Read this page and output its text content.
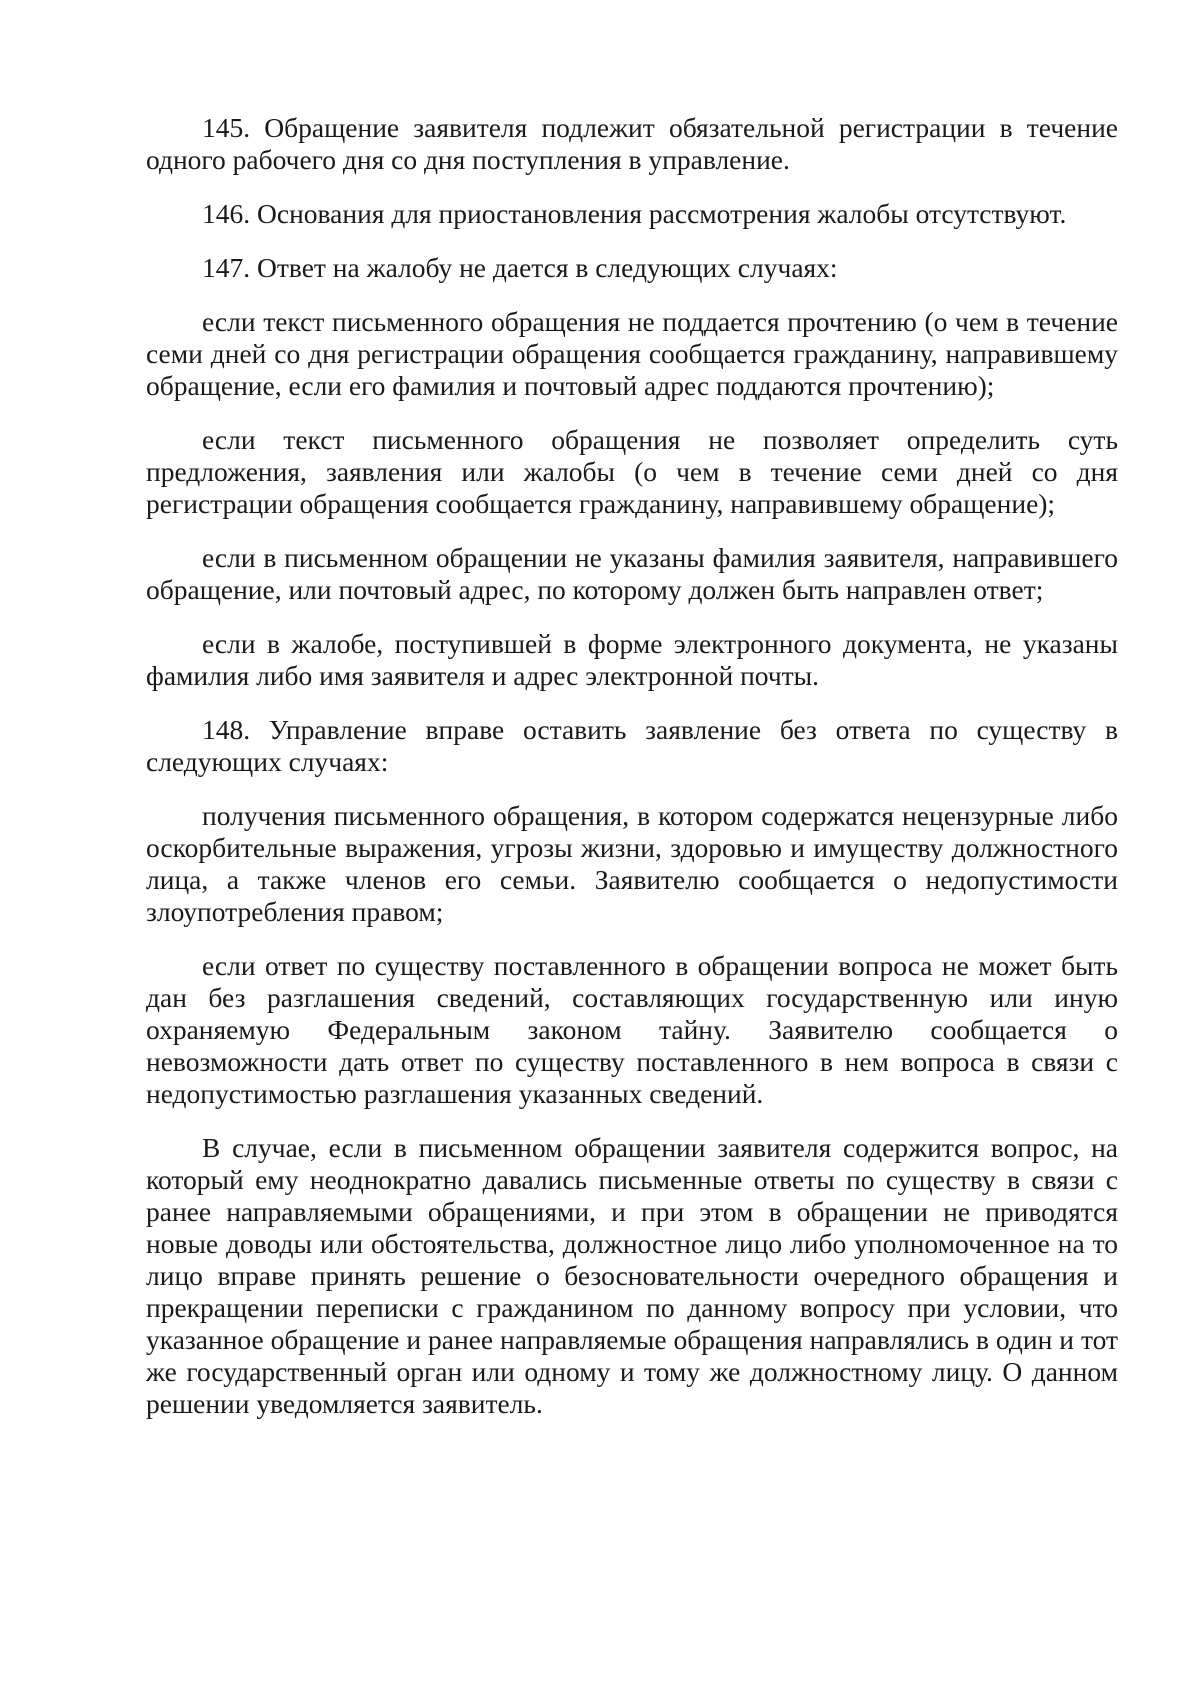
145. Обращение заявителя подлежит обязательной регистрации в течение одного рабочего дня со дня поступления в управление.

146. Основания для приостановления рассмотрения жалобы отсутствуют.

147. Ответ на жалобу не дается в следующих случаях:

если текст письменного обращения не поддается прочтению (о чем в течение семи дней со дня регистрации обращения сообщается гражданину, направившему обращение, если его фамилия и почтовый адрес поддаются прочтению);

если текст письменного обращения не позволяет определить суть предложения, заявления или жалобы (о чем в течение семи дней со дня регистрации обращения сообщается гражданину, направившему обращение);

если в письменном обращении не указаны фамилия заявителя, направившего обращение, или почтовый адрес, по которому должен быть направлен ответ;

если в жалобе, поступившей в форме электронного документа, не указаны фамилия либо имя заявителя и адрес электронной почты.

148. Управление вправе оставить заявление без ответа по существу в следующих случаях:

получения письменного обращения, в котором содержатся нецензурные либо оскорбительные выражения, угрозы жизни, здоровью и имуществу должностного лица, а также членов его семьи. Заявителю сообщается о недопустимости злоупотребления правом;

если ответ по существу поставленного в обращении вопроса не может быть дан без разглашения сведений, составляющих государственную или иную охраняемую Федеральным законом тайну. Заявителю сообщается о невозможности дать ответ по существу поставленного в нем вопроса в связи с недопустимостью разглашения указанных сведений.

В случае, если в письменном обращении заявителя содержится вопрос, на который ему неоднократно давались письменные ответы по существу в связи с ранее направляемыми обращениями, и при этом в обращении не приводятся новые доводы или обстоятельства, должностное лицо либо уполномоченное на то лицо вправе принять решение о безосновательности очередного обращения и прекращении переписки с гражданином по данному вопросу при условии, что указанное обращение и ранее направляемые обращения направлялись в один и тот же государственный орган или одному и тому же должностному лицу. О данном решении уведомляется заявитель.
